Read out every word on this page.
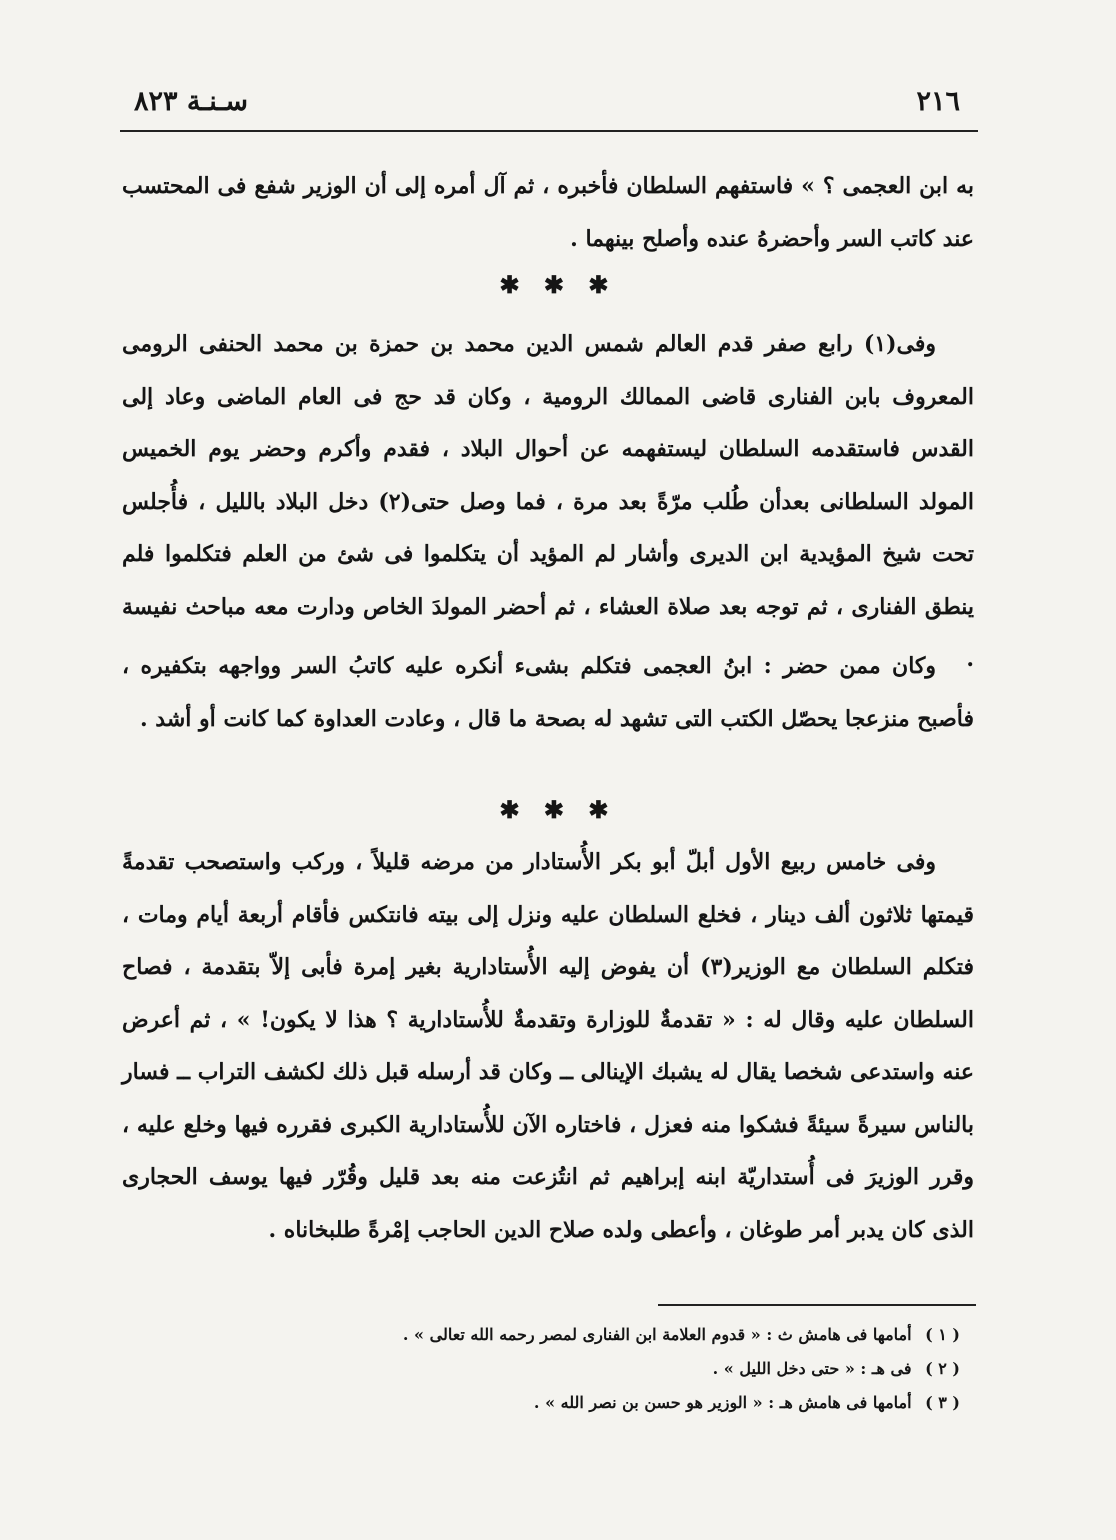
٢١٦
سـنـة ٨٢٣

به ابن العجمى ؟ » فاستفهم السلطان فأخبره ، ثم آل أمره إلى أن الوزير شفع فى المحتسب عند كاتب السر وأحضرهُ عنده وأصلح بينهما .

✱ ✱ ✱

وفى(١) رابع صفر قدم العالم شمس الدين محمد بن حمزة بن محمد الحنفى الرومى المعروف بابن الفنارى قاضى الممالك الرومية ، وكان قد حج فى العام الماضى وعاد إلى القدس فاستقدمه السلطان ليستفهمه عن أحوال البلاد ، فقدم وأكرم وحضر يوم الخميس المولد السلطانى بعدأن طُلب مرّةً بعد مرة ، فما وصل حتى(٢) دخل البلاد بالليل ، فأُجلس تحت شيخ المؤيدية ابن الديرى وأشار لم المؤيد أن يتكلموا فى شئ من العلم فتكلموا فلم ينطق الفنارى ، ثم توجه بعد صلاة العشاء ، ثم أحضر المولدَ الخاص ودارت معه مباحث نفيسة .

وكان ممن حضر : ابنُ العجمى فتكلم بشىء أنكره عليه كاتبُ السر وواجهه بتكفيره ، فأصبح منزعجا يحصّل الكتب التى تشهد له بصحة ما قال ، وعادت العداوة كما كانت أو أشد .

✱ ✱ ✱

وفى خامس ربيع الأول أبلّ أبو بكر الأُستادار من مرضه قليلاً ، وركب واستصحب تقدمةً قيمتها ثلاثون ألف دينار ، فخلع السلطان عليه ونزل إلى بيته فانتكس فأقام أربعة أيام ومات ، فتكلم السلطان مع الوزير(٣) أن يفوض إليه الأُستادارية بغير إمرة فأبى إلاّ بتقدمة ، فصاح السلطان عليه وقال له : « تقدمةٌ للوزارة وتقدمةٌ للأُستادارية ؟ هذا لا يكون! » ، ثم أعرض عنه واستدعى شخصا يقال له يشبك الإينالى ــ وكان قد أرسله قبل ذلك لكشف التراب ــ فسار بالناس سيرةً سيئةً فشكوا منه فعزل ، فاختاره الآن للأُستادارية الكبرى فقرره فيها وخلع عليه ، وقرر الوزيرَ فى أُستداريّة ابنه إبراهيم ثم انتُزعت منه بعد قليل وقُرّر فيها يوسف الحجارى الذى كان يدبر أمر طوغان ، وأعطى ولده صلاح الدين الحاجب إمْرةً طلبخاناه .

( ١ ) أمامها فى هامش ث : « قدوم العلامة ابن الفنارى لمصر رحمه الله تعالى » .
( ٢ ) فى هـ : « حتى دخل الليل » .
( ٣ ) أمامها فى هامش هـ : « الوزير هو حسن بن نصر الله » .
